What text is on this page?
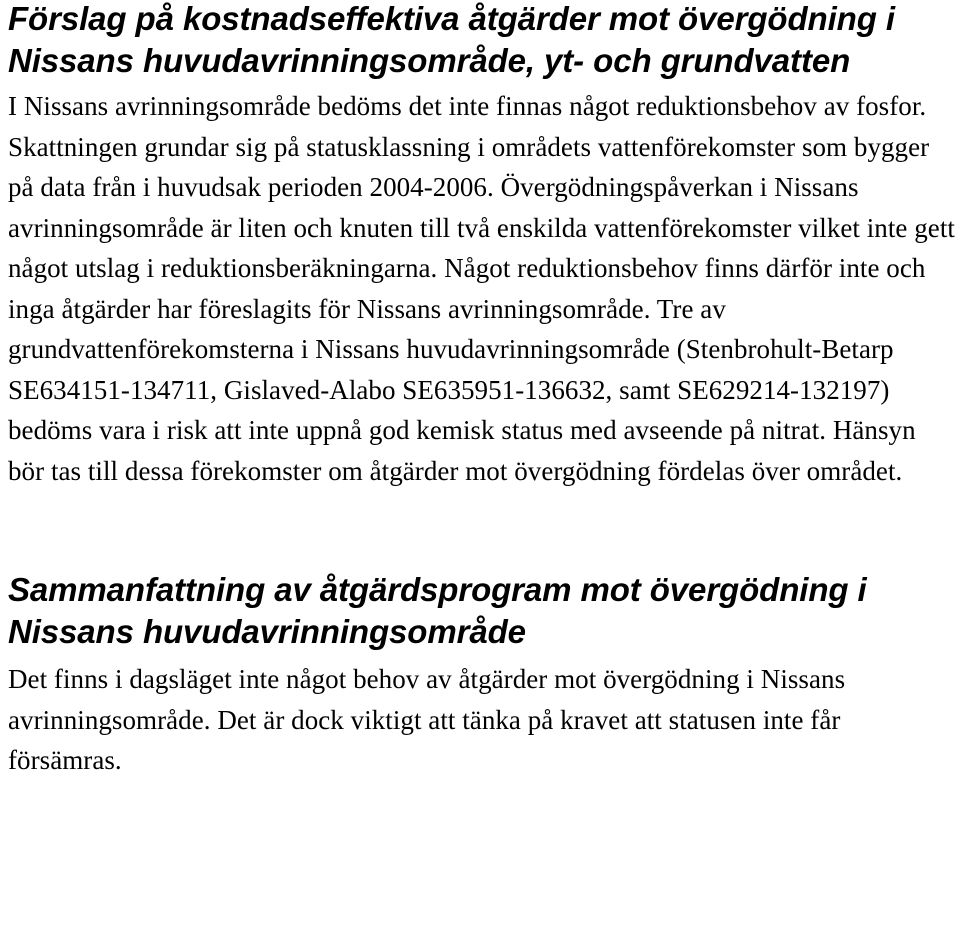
Förslag på kostnadseffektiva åtgärder mot övergödning i Nissans huvudavrinningsområde, yt- och grundvatten

I Nissans avrinningsområde bedöms det inte finnas något reduktionsbehov av fosfor. Skattningen grundar sig på statusklassning i områdets vattenförekomster som bygger på data från i huvudsak perioden 2004-2006. Övergödningspåverkan i Nissans avrinningsområde är liten och knuten till två enskilda vattenförekomster vilket inte gett något utslag i reduktionsberäkningarna. Något reduktionsbehov finns därför inte och inga åtgärder har föreslagits för Nissans avrinningsområde. Tre av grundvattenförekomsterna i Nissans huvudavrinningsområde (Stenbrohult-Betarp SE634151-134711, Gislaved-Alabo SE635951-136632, samt SE629214-132197) bedöms vara i risk att inte uppnå god kemisk status med avseende på nitrat. Hänsyn bör tas till dessa förekomster om åtgärder mot övergödning fördelas över området.

Sammanfattning av åtgärdsprogram mot övergödning i Nissans huvudavrinningsområde

Det finns i dagsläget inte något behov av åtgärder mot övergödning i Nissans avrinningsområde. Det är dock viktigt att tänka på kravet att statusen inte får försämras.
